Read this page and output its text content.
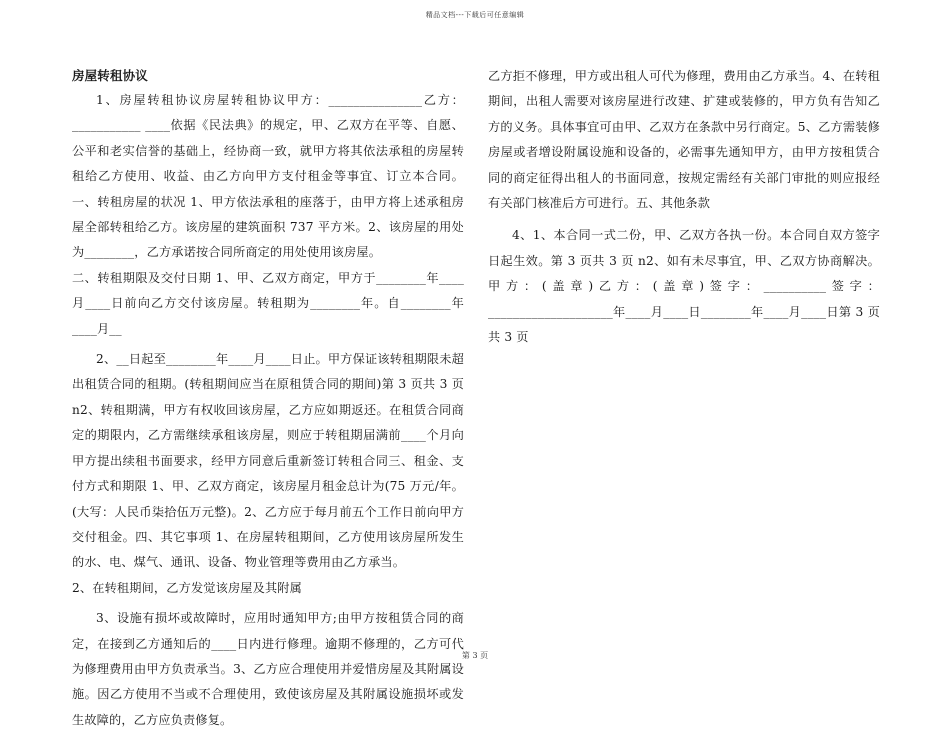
精品文档---下载后可任意编辑
房屋转租协议

1、房屋转租协议房屋转租协议甲方：_______________乙方：___________ ____依据《民法典》的规定，甲、乙双方在平等、自愿、公平和老实信誉的基础上，经协商一致，就甲方将其依法承租的房屋转租给乙方使用、收益、由乙方向甲方支付租金等事宜、订立本合同。一、转租房屋的状况 1、甲方依法承租的座落于，由甲方将上述承租房屋全部转租给乙方。该房屋的建筑面积 737 平方米。2、该房屋的用处为________，乙方承诺按合同所商定的用处使用该房屋。

二、转租期限及交付日期 1、甲、乙双方商定，甲方于________年____月____日前向乙方交付该房屋。转租期为________年。自________年____月__

2、__日起至________年____月____日止。甲方保证该转租期限未超出租赁合同的租期。(转租期间应当在原租赁合同的期间)第 3 页共 3 页 n2、转租期满，甲方有权收回该房屋，乙方应如期返还。在租赁合同商定的期限内，乙方需继续承租该房屋，则应于转租期届满前____个月向甲方提出续租书面要求，经甲方同意后重新签订转租合同三、租金、支付方式和期限 1、甲、乙双方商定，该房屋月租金总计为(75 万元/年。(大写：人民币柒拾伍万元整)。2、乙方应于每月前五个工作日前向甲方交付租金。四、其它事项 1、在房屋转租期间，乙方使用该房屋所发生的水、电、煤气、通讯、设备、物业管理等费用由乙方承当。

2、在转租期间，乙方发觉该房屋及其附属

3、设施有损坏或故障时，应用时通知甲方;由甲方按租赁合同的商定，在接到乙方通知后的____日内进行修理。逾期不修理的，乙方可代为修理费用由甲方负责承当。3、乙方应合理使用并爱惜房屋及其附属设施。因乙方使用不当或不合理使用，致使该房屋及其附属设施损坏或发生故障的，乙方应负责修复。

乙方拒不修理，甲方或出租人可代为修理，费用由乙方承当。4、在转租期间，出租人需要对该房屋进行改建、扩建或装修的，甲方负有告知乙方的义务。具体事宜可由甲、乙双方在条款中另行商定。5、乙方需装修房屋或者增设附属设施和设备的，必需事先通知甲方，由甲方按租赁合同的商定征得出租人的书面同意，按规定需经有关部门审批的则应报经有关部门核准后方可进行。五、其他条款

4、1、本合同一式二份，甲、乙双方各执一份。本合同自双方签字日起生效。第 3 页共 3 页 n2、如有未尽事宜，甲、乙双方协商解决。甲方：(盖章)乙方：(盖章)签字：__________签字：____________________年____月____日________年____月____日第 3 页共 3 页

第 3 页
